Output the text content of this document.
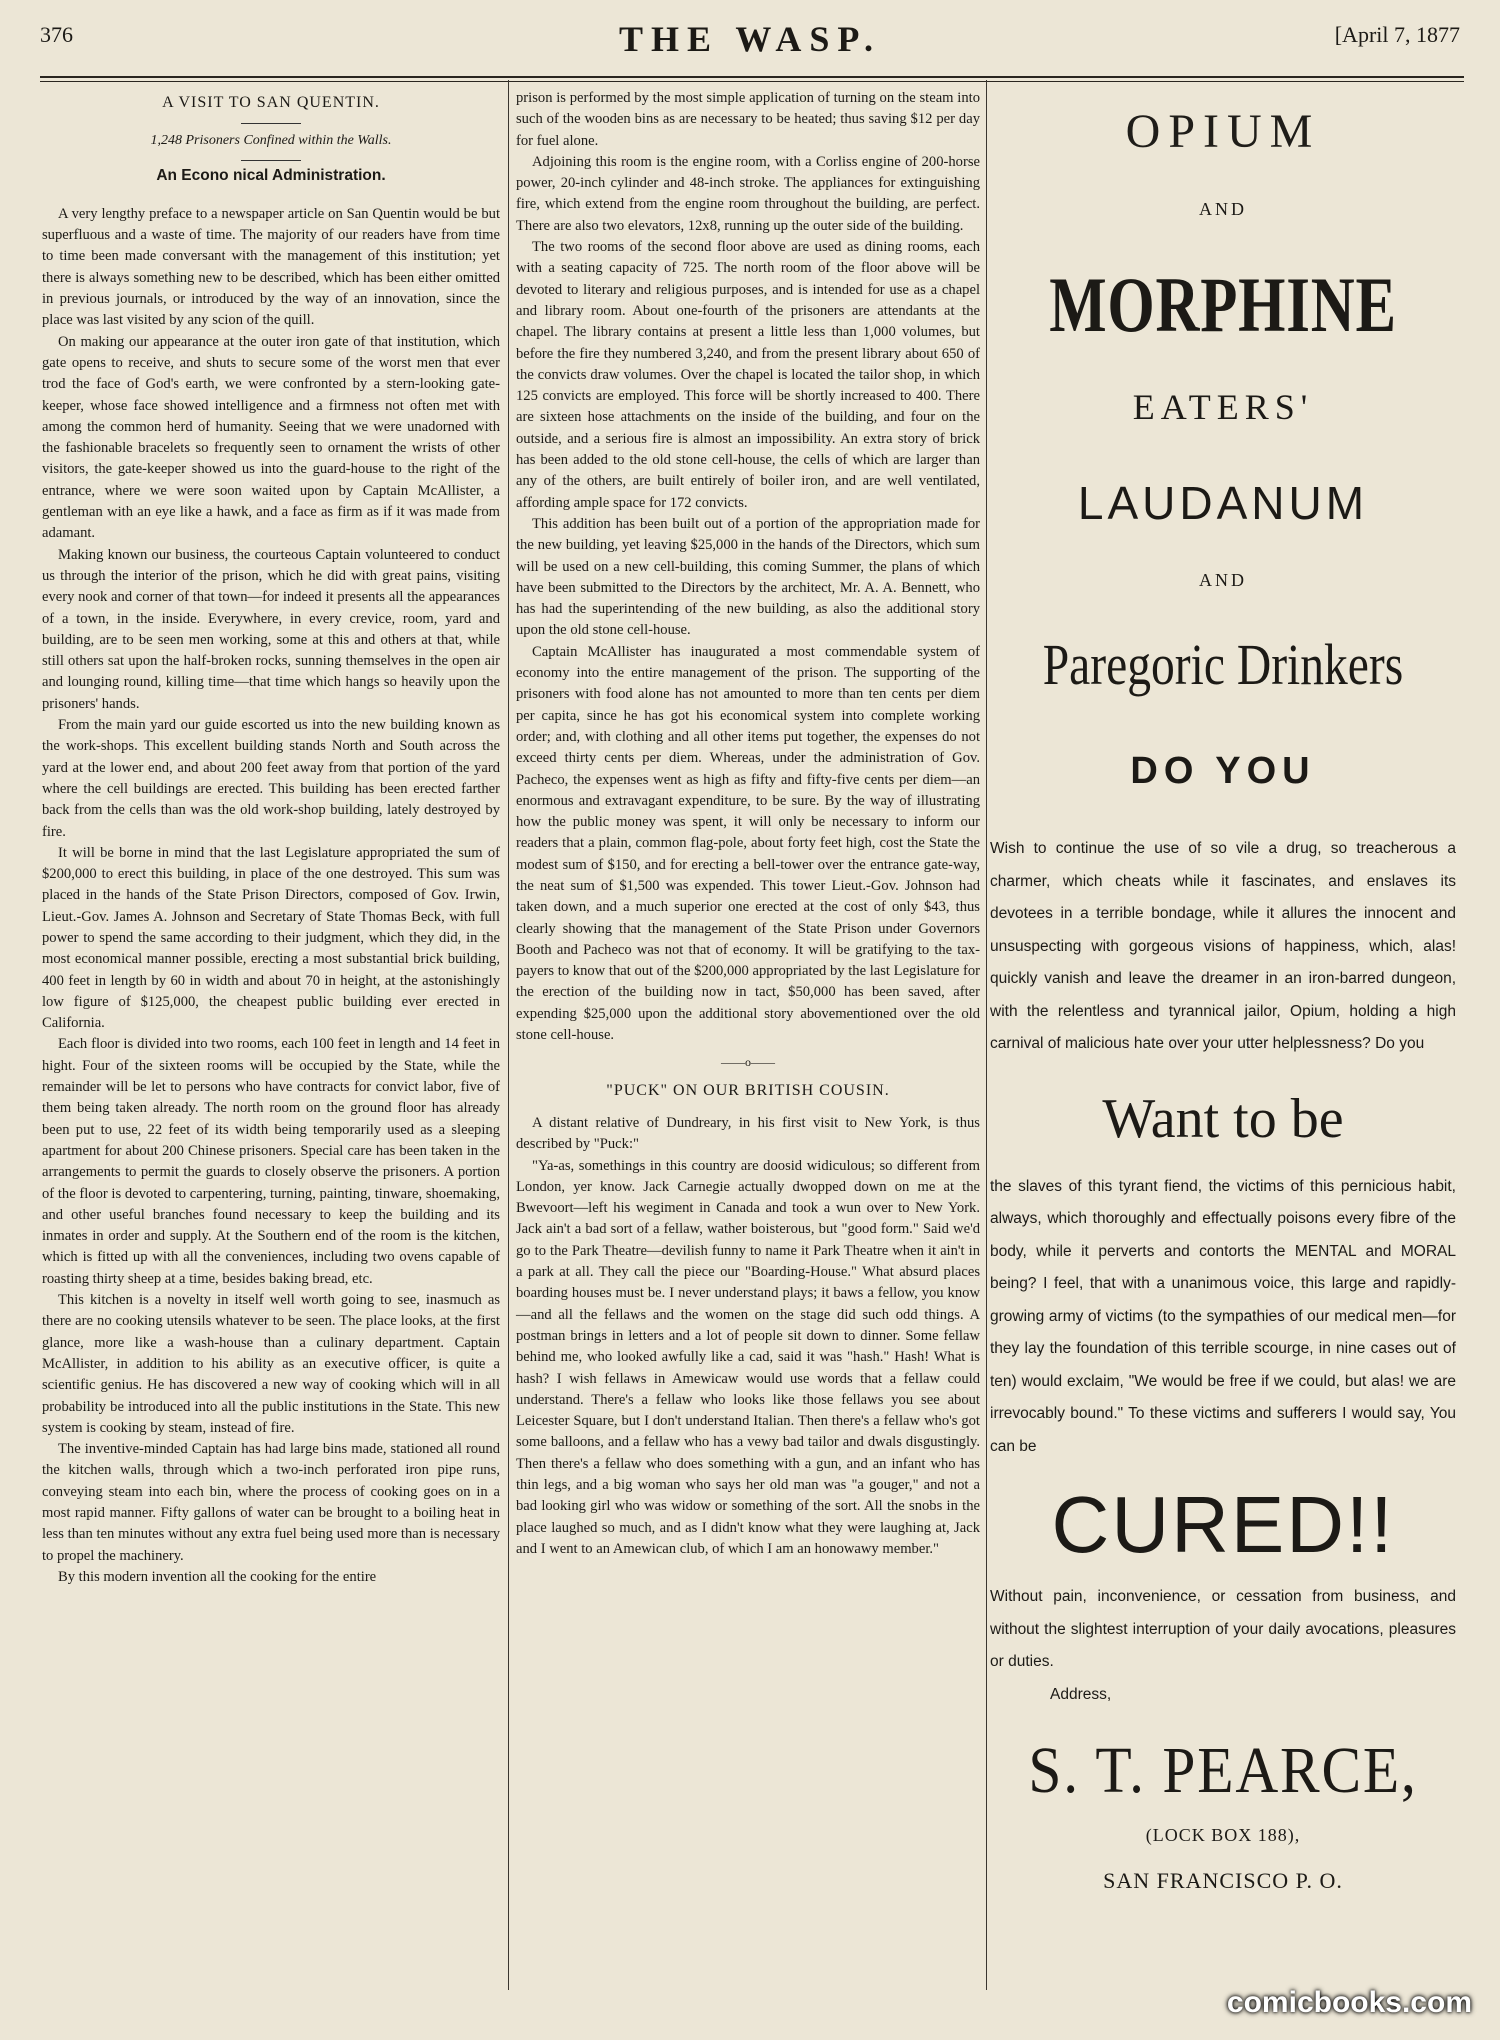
376	THE WASP.	[April 7, 1877
A VISIT TO SAN QUENTIN.
1,248 Prisoners Confined within the Walls.
An Econo nical Administration.

A very lengthy preface to a newspaper article on San Quentin would be but superfluous and a waste of time. The majority of our readers have from time to time been made conversant with the management of this institution; yet there is always something new to be described, which has been either omitted in previous journals, or introduced by the way of an innovation, since the place was last visited by any scion of the quill.

On making our appearance at the outer iron gate of that institution, which gate opens to receive, and shuts to secure some of the worst men that ever trod the face of God's earth, we were confronted by a stern-looking gate-keeper, whose face showed intelligence and a firmness not often met with among the common herd of humanity. Seeing that we were unadorned with the fashionable bracelets so frequently seen to ornament the wrists of other visitors, the gate-keeper showed us into the guard-house to the right of the entrance, where we were soon waited upon by Captain McAllister, a gentleman with an eye like a hawk, and a face as firm as if it was made from adamant.

Making known our business, the courteous Captain volunteered to conduct us through the interior of the prison, which he did with great pains, visiting every nook and corner of that town—for indeed it presents all the appearances of a town, in the inside. Everywhere, in every crevice, room, yard and building, are to be seen men working, some at this and others at that, while still others sat upon the half-broken rocks, sunning themselves in the open air and lounging round, killing time—that time which hangs so heavily upon the prisoners' hands.

From the main yard our guide escorted us into the new building known as the work-shops. This excellent building stands North and South across the yard at the lower end, and about 200 feet away from that portion of the yard where the cell buildings are erected. This building has been erected farther back from the cells than was the old work-shop building, lately destroyed by fire.

It will be borne in mind that the last Legislature appropriated the sum of $200,000 to erect this building, in place of the one destroyed. This sum was placed in the hands of the State Prison Directors, composed of Gov. Irwin, Lieut.-Gov. James A. Johnson and Secretary of State Thomas Beck, with full power to spend the same according to their judgment, which they did, in the most economical manner possible, erecting a most substantial brick building, 400 feet in length by 60 in width and about 70 in height, at the astonishingly low figure of $125,000, the cheapest public building ever erected in California.

Each floor is divided into two rooms, each 100 feet in length and 14 feet in hight. Four of the sixteen rooms will be occupied by the State, while the remainder will be let to persons who have contracts for convict labor, five of them being taken already. The north room on the ground floor has already been put to use, 22 feet of its width being temporarily used as a sleeping apartment for about 200 Chinese prisoners. Special care has been taken in the arrangements to permit the guards to closely observe the prisoners. A portion of the floor is devoted to carpentering, turning, painting, tinware, shoemaking, and other useful branches found necessary to keep the building and its inmates in order and supply. At the Southern end of the room is the kitchen, which is fitted up with all the conveniences, including two ovens capable of roasting thirty sheep at a time, besides baking bread, etc.

This kitchen is a novelty in itself well worth going to see, inasmuch as there are no cooking utensils whatever to be seen. The place looks, at the first glance, more like a wash-house than a culinary department. Captain McAllister, in addition to his ability as an executive officer, is quite a scientific genius. He has discovered a new way of cooking which will in all probability be introduced into all the public institutions in the State. This new system is cooking by steam, instead of fire.

The inventive-minded Captain has had large bins made, stationed all round the kitchen walls, through which a two-inch perforated iron pipe runs, conveying steam into each bin, where the process of cooking goes on in a most rapid manner. Fifty gallons of water can be brought to a boiling heat in less than ten minutes without any extra fuel being used more than is necessary to propel the machinery.

By this modern invention all the cooking for the entire

prison is performed by the most simple application of turning on the steam into such of the wooden bins as are necessary to be heated; thus saving $12 per day for fuel alone.

Adjoining this room is the engine room, with a Corliss engine of 200-horse power, 20-inch cylinder and 48-inch stroke. The appliances for extinguishing fire, which extend from the engine room throughout the building, are perfect. There are also two elevators, 12x8, running up the outer side of the building.

The two rooms of the second floor above are used as dining rooms, each with a seating capacity of 725. The north room of the floor above will be devoted to literary and religious purposes, and is intended for use as a chapel and library room. About one-fourth of the prisoners are attendants at the chapel. The library contains at present a little less than 1,000 volumes, but before the fire they numbered 3,240, and from the present library about 650 of the convicts draw volumes. Over the chapel is located the tailor shop, in which 125 convicts are employed. This force will be shortly increased to 400. There are sixteen hose attachments on the inside of the building, and four on the outside, and a serious fire is almost an impossibility. An extra story of brick has been added to the old stone cell-house, the cells of which are larger than any of the others, are built entirely of boiler iron, and are well ventilated, affording ample space for 172 convicts.

This addition has been built out of a portion of the appropriation made for the new building, yet leaving $25,000 in the hands of the Directors, which sum will be used on a new cell-building, this coming Summer, the plans of which have been submitted to the Directors by the architect, Mr. A. A. Bennett, who has had the superintending of the new building, as also the additional story upon the old stone cell-house.

Captain McAllister has inaugurated a most commendable system of economy into the entire management of the prison. The supporting of the prisoners with food alone has not amounted to more than ten cents per diem per capita, since he has got his economical system into complete working order; and, with clothing and all other items put together, the expenses do not exceed thirty cents per diem. Whereas, under the administration of Gov. Pacheco, the expenses went as high as fifty and fifty-five cents per diem—an enormous and extravagant expenditure, to be sure. By the way of illustrating how the public money was spent, it will only be necessary to inform our readers that a plain, common flag-pole, about forty feet high, cost the State the modest sum of $150, and for erecting a bell-tower over the entrance gate-way, the neat sum of $1,500 was expended. This tower Lieut.-Gov. Johnson had taken down, and a much superior one erected at the cost of only $43, thus clearly showing that the management of the State Prison under Governors Booth and Pacheco was not that of economy. It will be gratifying to the tax-payers to know that out of the $200,000 appropriated by the last Legislature for the erection of the building now in tact, $50,000 has been saved, after expending $25,000 upon the additional story abovementioned over the old stone cell-house.

——o——
"PUCK" ON OUR BRITISH COUSIN.

A distant relative of Dundreary, in his first visit to New York, is thus described by "Puck:"

"Ya-as, somethings in this country are doosid widiculous; so different from London, yer know. Jack Carnegie actually dwopped down on me at the Bwevoort—left his wegiment in Canada and took a wun over to New York. Jack ain't a bad sort of a fellaw, wather boisterous, but "good form." Said we'd go to the Park Theatre—devilish funny to name it Park Theatre when it ain't in a park at all. They call the piece our "Boarding-House." What absurd places boarding houses must be. I never understand plays; it baws a fellow, you know—and all the fellaws and the women on the stage did such odd things. A postman brings in letters and a lot of people sit down to dinner. Some fellaw behind me, who looked awfully like a cad, said it was "hash." Hash! What is hash? I wish fellaws in Amewicaw would use words that a fellaw could understand. There's a fellaw who looks like those fellaws you see about Leicester Square, but I don't understand Italian. Then there's a fellaw who's got some balloons, and a fellaw who has a vewy bad tailor and dwals disgustingly. Then there's a fellaw who does something with a gun, and an infant who has thin legs, and a big woman who says her old man was "a gouger," and not a bad looking girl who was widow or something of the sort. All the snobs in the place laughed so much, and as I didn't know what they were laughing at, Jack and I went to an Amewican club, of which I am an honowawy member."

OPIUM
AND
MORPHINE
EATERS'
LAUDANUM
AND
Paregoric Drinkers
DO YOU
Wish to continue the use of so vile a drug, so treacherous a charmer, which cheats while it fascinates, and enslaves its devotees in a terrible bondage, while it allures the innocent and unsuspecting with gorgeous visions of happiness, which, alas! quickly vanish and leave the dreamer in an iron-barred dungeon, with the relentless and tyrannical jailor, Opium, holding a high carnival of malicious hate over your utter helplessness? Do you
Want to be
the slaves of this tyrant fiend, the victims of this pernicious habit, always, which thoroughly and effectually poisons every fibre of the body, while it perverts and contorts the MENTAL and MORAL being? I feel, that with a unanimous voice, this large and rapidly-growing army of victims (to the sympathies of our medical men—for they lay the foundation of this terrible scourge, in nine cases out of ten) would exclaim, "We would be free if we could, but alas! we are irrevocably bound." To these victims and sufferers I would say, You can be
CURED!!
Without pain, inconvenience, or cessation from business, and without the slightest interruption of your daily avocations, pleasures or duties.
Address,
S. T. PEARCE,
(LOCK BOX 188),
SAN FRANCISCO P. O.
comicbooks.com
